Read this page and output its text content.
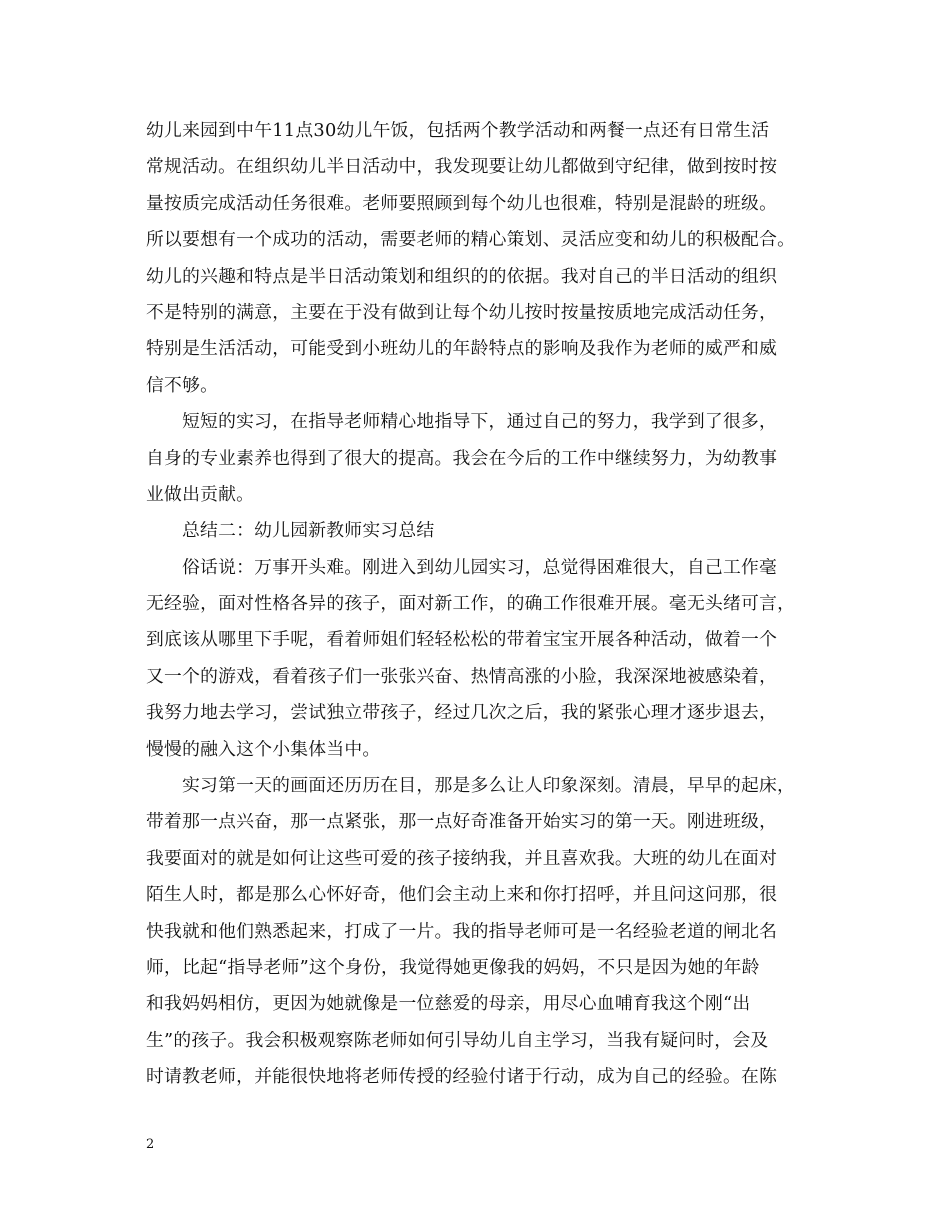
幼儿来园到中午11点30幼儿午饭，包括两个教学活动和两餐一点还有日常生活
常规活动。在组织幼儿半日活动中，我发现要让幼儿都做到守纪律，做到按时按
量按质完成活动任务很难。老师要照顾到每个幼儿也很难，特别是混龄的班级。
所以要想有一个成功的活动，需要老师的精心策划、灵活应变和幼儿的积极配合。
幼儿的兴趣和特点是半日活动策划和组织的的依据。我对自己的半日活动的组织
不是特别的满意，主要在于没有做到让每个幼儿按时按量按质地完成活动任务，
特别是生活活动，可能受到小班幼儿的年龄特点的影响及我作为老师的威严和威
信不够。
短短的实习，在指导老师精心地指导下，通过自己的努力，我学到了很多，
自身的专业素养也得到了很大的提高。我会在今后的工作中继续努力，为幼教事
业做出贡献。
总结二：幼儿园新教师实习总结
俗话说：万事开头难。刚进入到幼儿园实习，总觉得困难很大，自己工作毫
无经验，面对性格各异的孩子，面对新工作，的确工作很难开展。毫无头绪可言，
到底该从哪里下手呢，看着师姐们轻轻松松的带着宝宝开展各种活动，做着一个
又一个的游戏，看着孩子们一张张兴奋、热情高涨的小脸，我深深地被感染着，
我努力地去学习，尝试独立带孩子，经过几次之后，我的紧张心理才逐步退去，
慢慢的融入这个小集体当中。
实习第一天的画面还历历在目，那是多么让人印象深刻。清晨，早早的起床，
带着那一点兴奋，那一点紧张，那一点好奇准备开始实习的第一天。刚进班级，
我要面对的就是如何让这些可爱的孩子接纳我，并且喜欢我。大班的幼儿在面对
陌生人时，都是那么心怀好奇，他们会主动上来和你打招呼，并且问这问那，很
快我就和他们熟悉起来，打成了一片。我的指导老师可是一名经验老道的闸北名
师，比起“指导老师”这个身份，我觉得她更像我的妈妈，不只是因为她的年龄
和我妈妈相仿，更因为她就像是一位慈爱的母亲，用尽心血哺育我这个刚“出
生”的孩子。我会积极观察陈老师如何引导幼儿自主学习，当我有疑问时，会及
时请教老师，并能很快地将老师传授的经验付诸于行动，成为自己的经验。在陈
2
